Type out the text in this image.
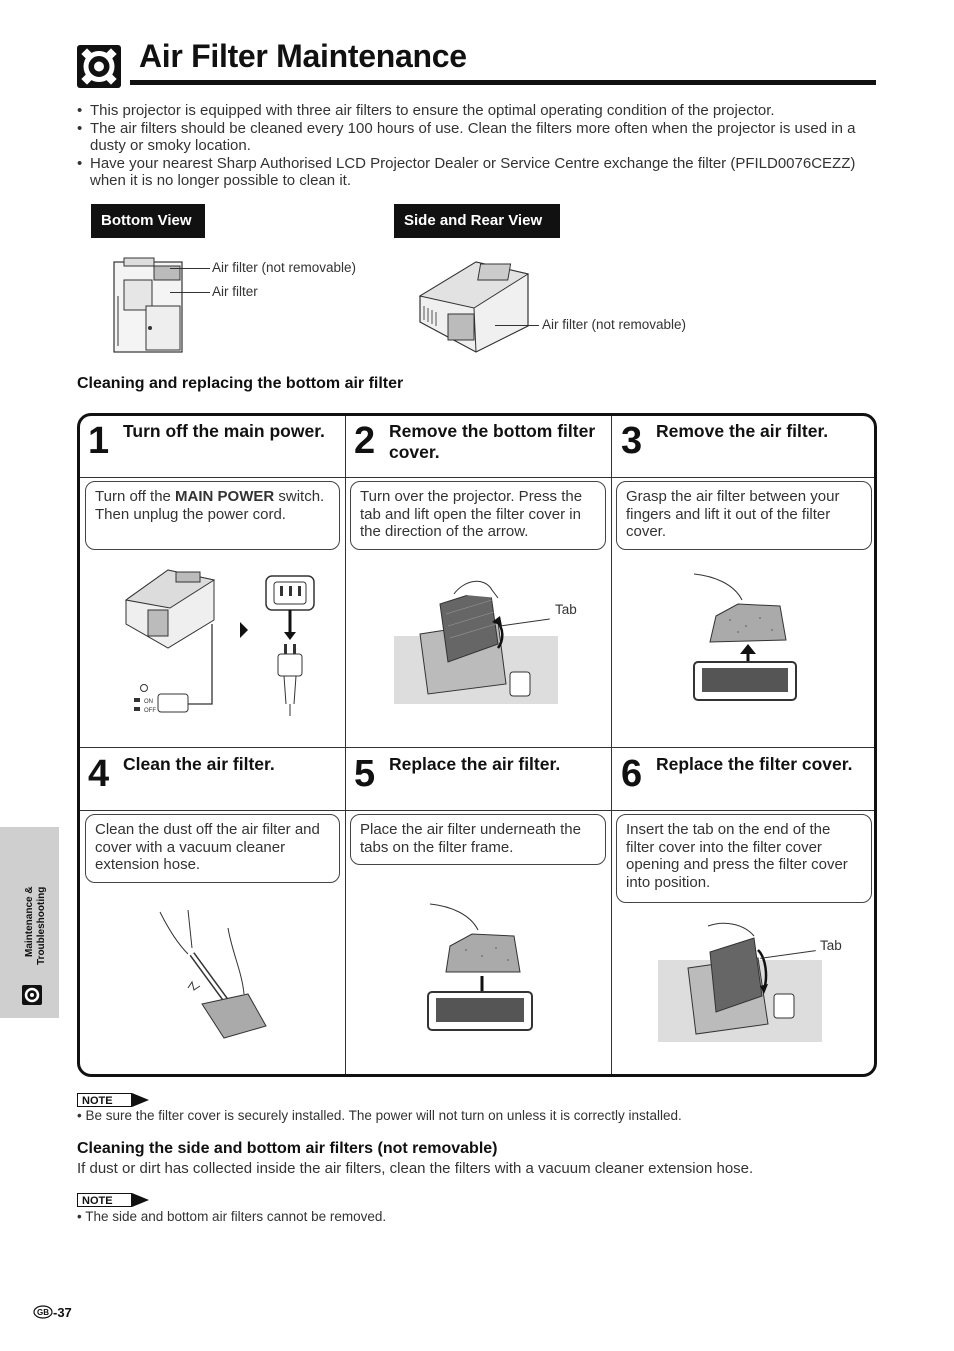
Air Filter Maintenance
• This projector is equipped with three air filters to ensure the optimal operating condition of the projector.
• The air filters should be cleaned every 100 hours of use. Clean the filters more often when the projector is used in a dusty or smoky location.
• Have your nearest Sharp Authorised LCD Projector Dealer or Service Centre exchange the filter (PFILD0076CEZZ) when it is no longer possible to clean it.
Bottom View	Side and Rear View
Air filter (not removable)
Air filter
Air filter (not removable)
Cleaning and replacing the bottom air filter
1 Turn off the main power.
Turn off the MAIN POWER switch. Then unplug the power cord.
ON
OFF
2 Remove the bottom filter cover.
Turn over the projector. Press the tab and lift open the filter cover in the direction of the arrow.
Tab
3 Remove the air filter.
Grasp the air filter between your fingers and lift it out of the filter cover.
4 Clean the air filter.
Clean the dust off the air filter and cover with a vacuum cleaner extension hose.
5 Replace the air filter.
Place the air filter underneath the tabs on the filter frame.
6 Replace the filter cover.
Insert the tab on the end of the filter cover into the filter cover opening and press the filter cover into position.
Tab
NOTE
• Be sure the filter cover is securely installed. The power will not turn on unless it is correctly installed.
Cleaning the side and bottom air filters (not removable)
If dust or dirt has collected inside the air filters, clean the filters with a vacuum cleaner extension hose.
NOTE
• The side and bottom air filters cannot be removed.
Maintenance & Troubleshooting
GB -37
